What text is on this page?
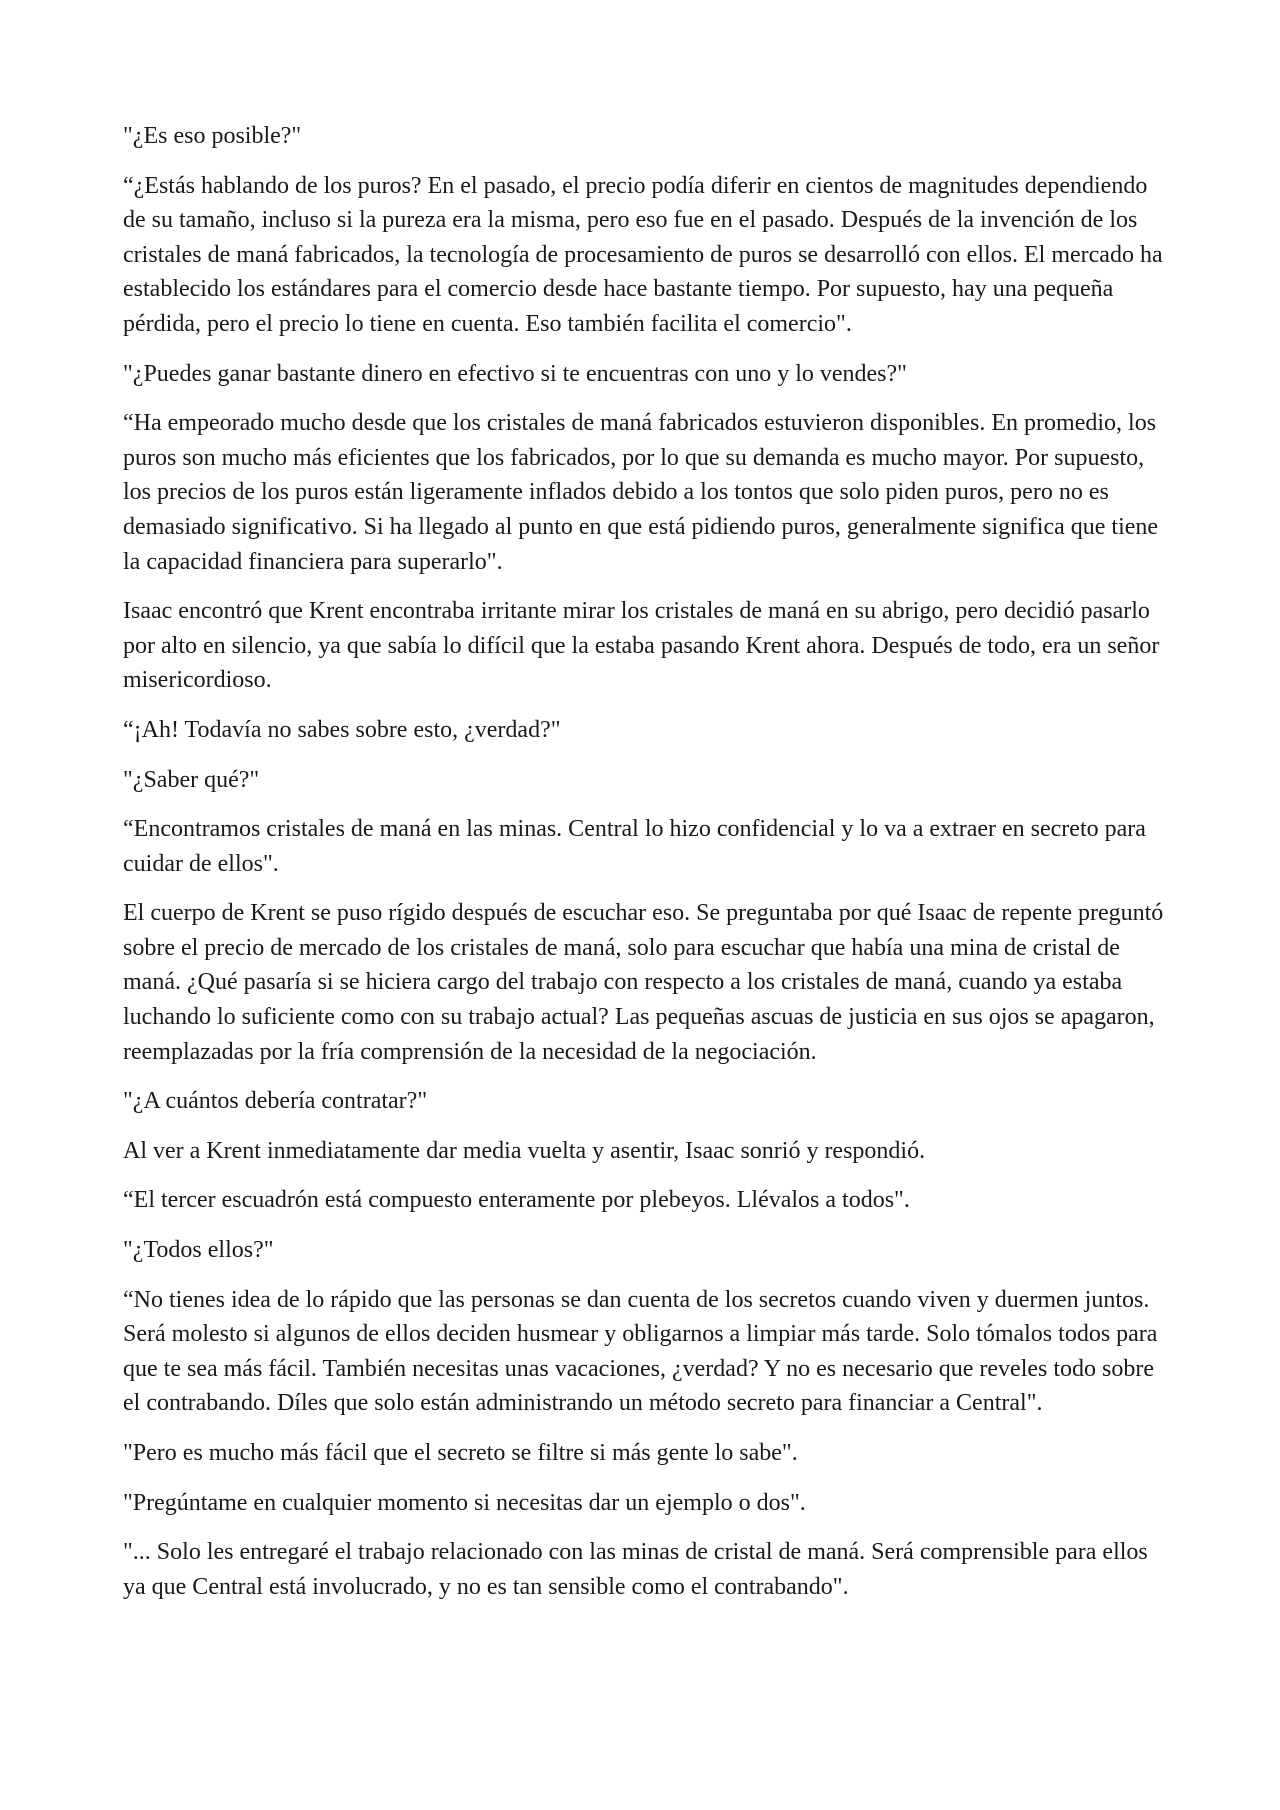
"¿Es eso posible?"

“¿Estás hablando de los puros? En el pasado, el precio podía diferir en cientos de magnitudes dependiendo de su tamaño, incluso si la pureza era la misma, pero eso fue en el pasado. Después de la invención de los cristales de maná fabricados, la tecnología de procesamiento de puros se desarrolló con ellos. El mercado ha establecido los estándares para el comercio desde hace bastante tiempo. Por supuesto, hay una pequeña pérdida, pero el precio lo tiene en cuenta. Eso también facilita el comercio".

"¿Puedes ganar bastante dinero en efectivo si te encuentras con uno y lo vendes?"

“Ha empeorado mucho desde que los cristales de maná fabricados estuvieron disponibles. En promedio, los puros son mucho más eficientes que los fabricados, por lo que su demanda es mucho mayor. Por supuesto, los precios de los puros están ligeramente inflados debido a los tontos que solo piden puros, pero no es demasiado significativo. Si ha llegado al punto en que está pidiendo puros, generalmente significa que tiene la capacidad financiera para superarlo".

Isaac encontró que Krent encontraba irritante mirar los cristales de maná en su abrigo, pero decidió pasarlo por alto en silencio, ya que sabía lo difícil que la estaba pasando Krent ahora. Después de todo, era un señor misericordioso.

“¡Ah! Todavía no sabes sobre esto, ¿verdad?"

"¿Saber qué?"

“Encontramos cristales de maná en las minas. Central lo hizo confidencial y lo va a extraer en secreto para cuidar de ellos".

El cuerpo de Krent se puso rígido después de escuchar eso. Se preguntaba por qué Isaac de repente preguntó sobre el precio de mercado de los cristales de maná, solo para escuchar que había una mina de cristal de maná. ¿Qué pasaría si se hiciera cargo del trabajo con respecto a los cristales de maná, cuando ya estaba luchando lo suficiente como con su trabajo actual? Las pequeñas ascuas de justicia en sus ojos se apagaron, reemplazadas por la fría comprensión de la necesidad de la negociación.

"¿A cuántos debería contratar?"

Al ver a Krent inmediatamente dar media vuelta y asentir, Isaac sonrió y respondió.

“El tercer escuadrón está compuesto enteramente por plebeyos. Llévalos a todos".

"¿Todos ellos?"

“No tienes idea de lo rápido que las personas se dan cuenta de los secretos cuando viven y duermen juntos. Será molesto si algunos de ellos deciden husmear y obligarnos a limpiar más tarde. Solo tómalos todos para que te sea más fácil. También necesitas unas vacaciones, ¿verdad? Y no es necesario que reveles todo sobre el contrabando. Díles que solo están administrando un método secreto para financiar a Central".

"Pero es mucho más fácil que el secreto se filtre si más gente lo sabe".

"Pregúntame en cualquier momento si necesitas dar un ejemplo o dos".

"... Solo les entregaré el trabajo relacionado con las minas de cristal de maná. Será comprensible para ellos ya que Central está involucrado, y no es tan sensible como el contrabando".
